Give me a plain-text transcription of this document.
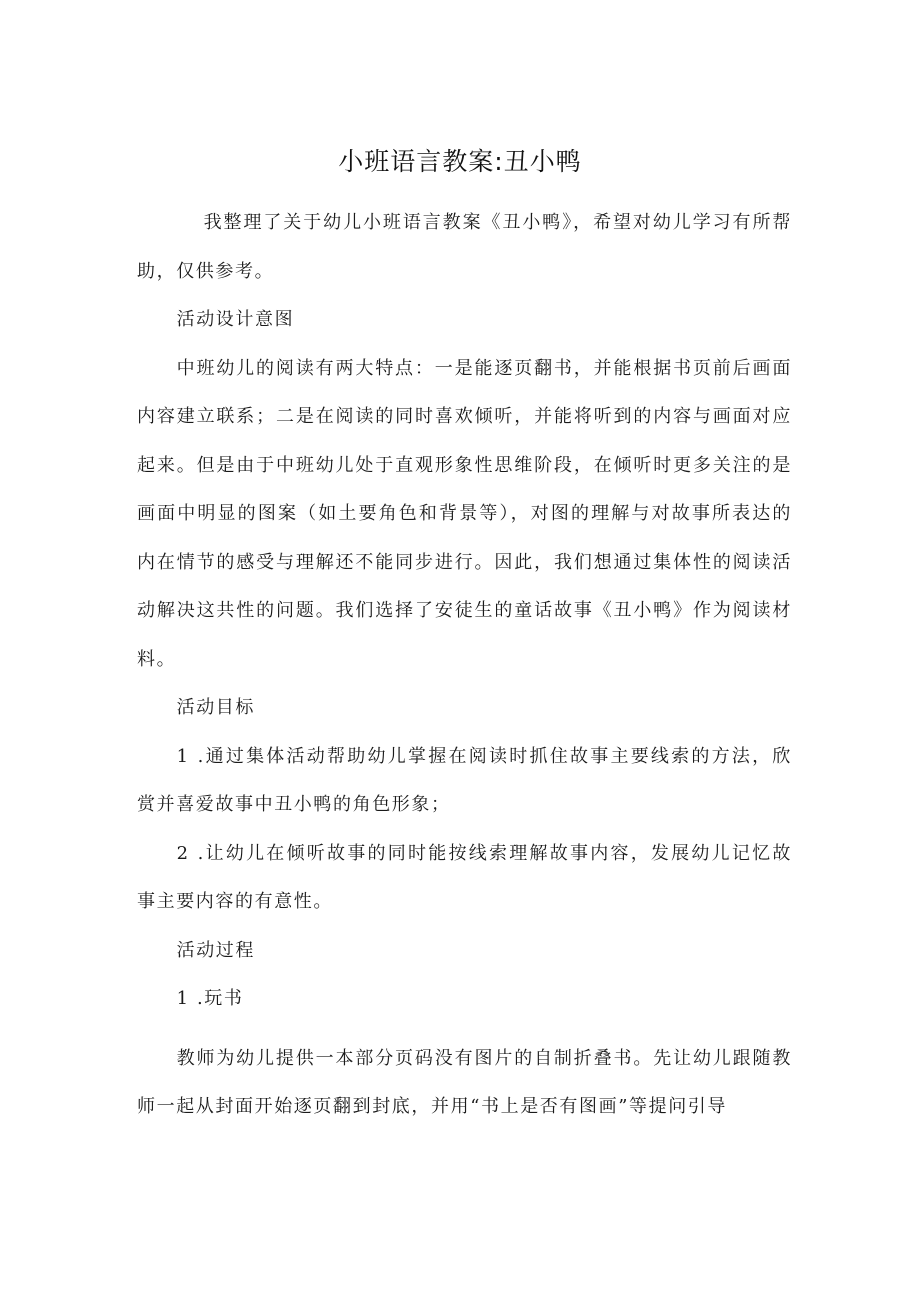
小班语言教案:丑小鸭

我整理了关于幼儿小班语言教案《丑小鸭》，希望对幼儿学习有所帮助，仅供参考。

活动设计意图

中班幼儿的阅读有两大特点：一是能逐页翻书，并能根据书页前后画面内容建立联系；二是在阅读的同时喜欢倾听，并能将听到的内容与画面对应起来。但是由于中班幼儿处于直观形象性思维阶段，在倾听时更多关注的是画面中明显的图案（如土要角色和背景等），对图的理解与对故事所表达的内在情节的感受与理解还不能同步进行。因此，我们想通过集体性的阅读活动解决这共性的问题。我们选择了安徒生的童话故事《丑小鸭》作为阅读材料。

活动目标

1 .通过集体活动帮助幼儿掌握在阅读时抓住故事主要线索的方法，欣赏并喜爱故事中丑小鸭的角色形象；

2 .让幼儿在倾听故事的同时能按线索理解故事内容，发展幼儿记忆故事主要内容的有意性。

活动过程

1 .玩书

教师为幼儿提供一本部分页码没有图片的自制折叠书。先让幼儿跟随教师一起从封面开始逐页翻到封底，并用“书上是否有图画”等提问引导
